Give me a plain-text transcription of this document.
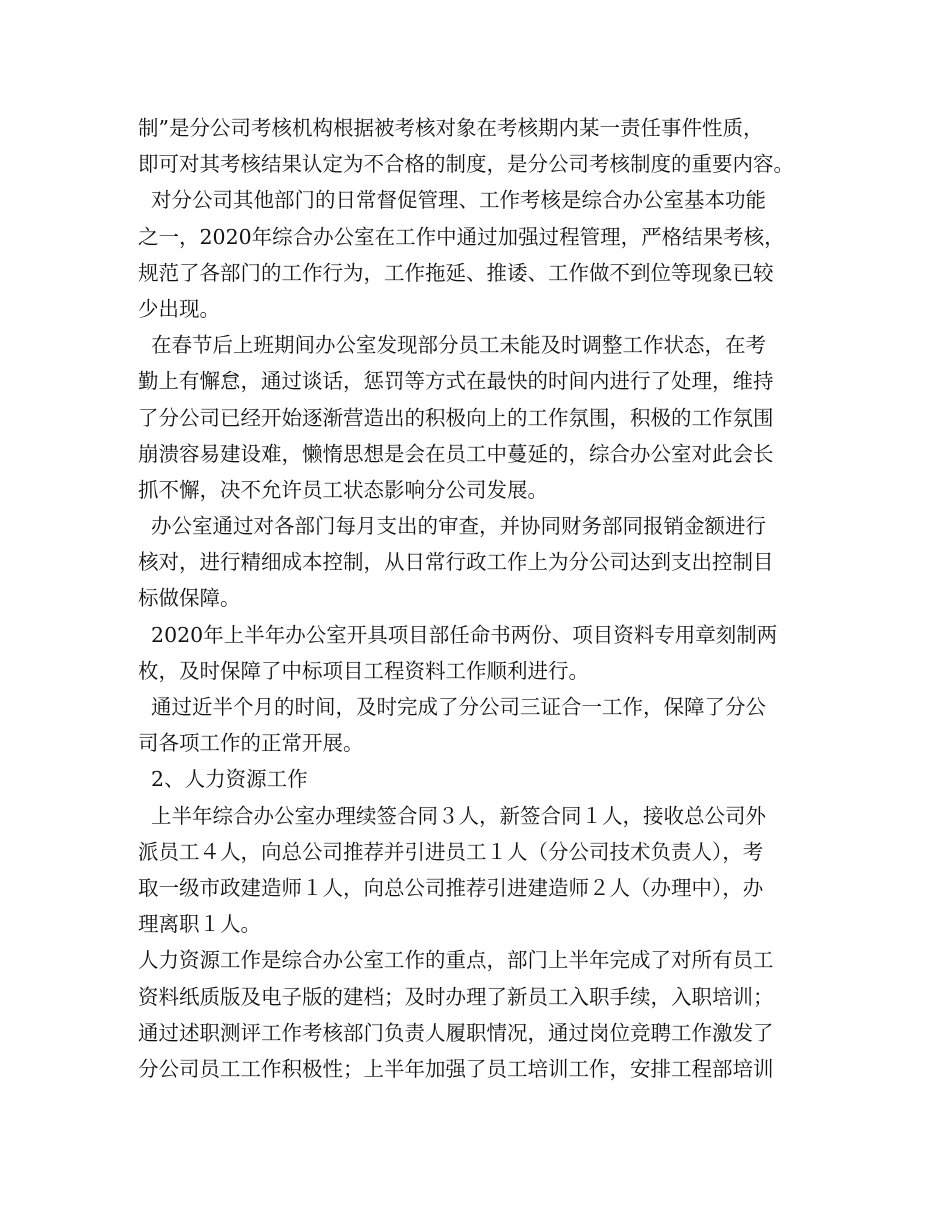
制”是分公司考核机构根据被考核对象在考核期内某一责任事件性质，
即可对其考核结果认定为不合格的制度，是分公司考核制度的重要内容。
对分公司其他部门的日常督促管理、工作考核是综合办公室基本功能
之一，2020年综合办公室在工作中通过加强过程管理，严格结果考核，
规范了各部门的工作行为，工作拖延、推诿、工作做不到位等现象已较
少出现。
在春节后上班期间办公室发现部分员工未能及时调整工作状态，在考
勤上有懈怠，通过谈话，惩罚等方式在最快的时间内进行了处理，维持
了分公司已经开始逐渐营造出的积极向上的工作氛围，积极的工作氛围
崩溃容易建设难，懒惰思想是会在员工中蔓延的，综合办公室对此会长
抓不懈，决不允许员工状态影响分公司发展。
办公室通过对各部门每月支出的审查，并协同财务部同报销金额进行
核对，进行精细成本控制，从日常行政工作上为分公司达到支出控制目
标做保障。
2020年上半年办公室开具项目部任命书两份、项目资料专用章刻制两
枚，及时保障了中标项目工程资料工作顺利进行。
通过近半个月的时间，及时完成了分公司三证合一工作，保障了分公
司各项工作的正常开展。
2、人力资源工作
上半年综合办公室办理续签合同３人，新签合同１人，接收总公司外
派员工４人，向总公司推荐并引进员工１人（分公司技术负责人），考
取一级市政建造师１人，向总公司推荐引进建造师２人（办理中），办
理离职１人。
人力资源工作是综合办公室工作的重点，部门上半年完成了对所有员工
资料纸质版及电子版的建档；及时办理了新员工入职手续，入职培训；
通过述职测评工作考核部门负责人履职情况，通过岗位竞聘工作激发了
分公司员工工作积极性；上半年加强了员工培训工作，安排工程部培训
